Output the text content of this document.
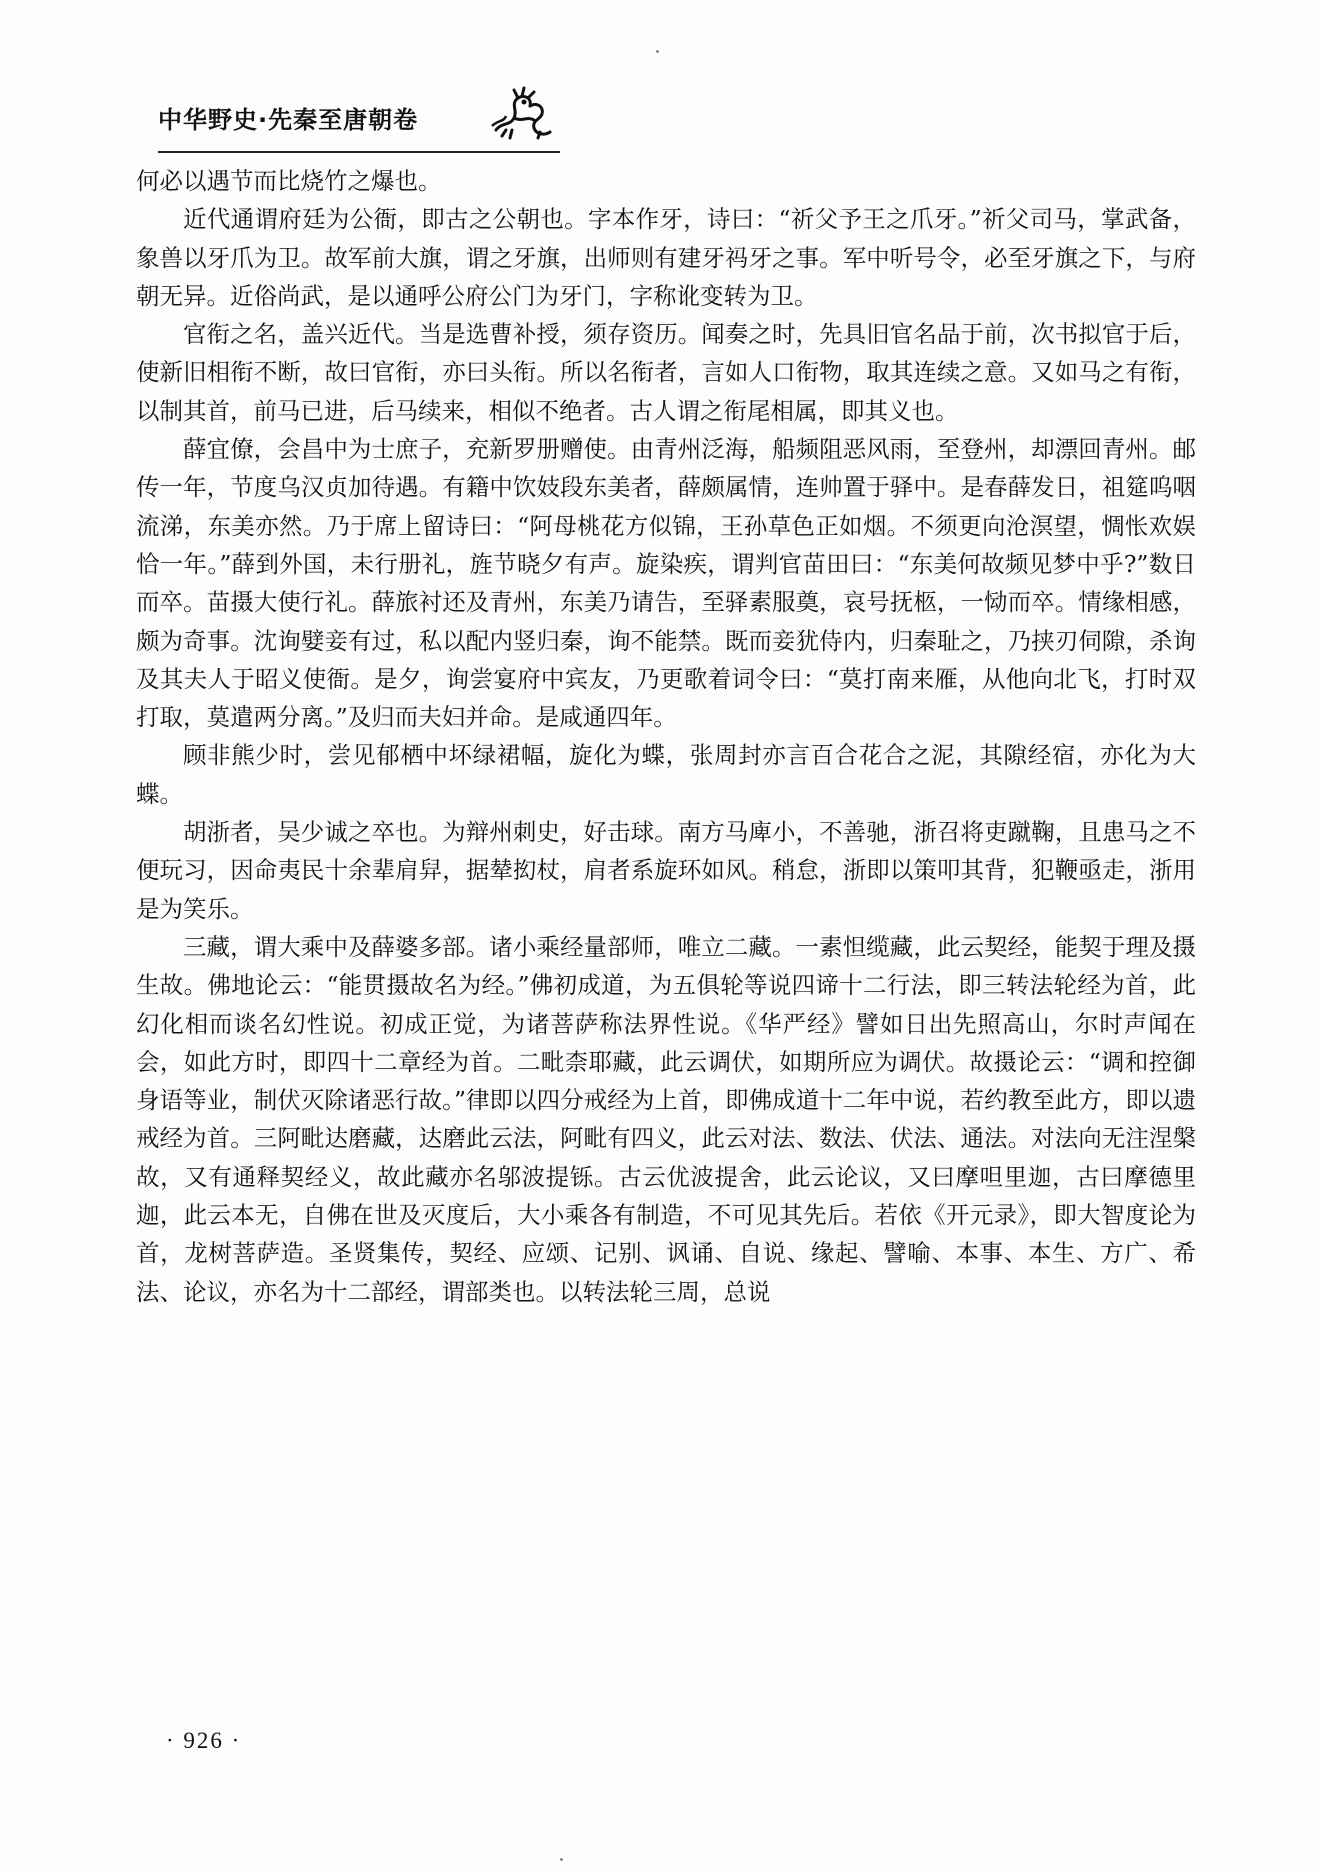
中华野史·先秦至唐朝卷

何必以遇节而比烧竹之爆也。

近代通谓府廷为公衙，即古之公朝也。字本作牙，诗曰：“祈父予王之爪牙。”祈父司马，掌武备，象兽以牙爪为卫。故军前大旗，谓之牙旗，出师则有建牙祃牙之事。军中听号令，必至牙旗之下，与府朝无异。近俗尚武，是以通呼公府公门为牙门，字称讹变转为卫。

官衔之名，盖兴近代。当是选曹补授，须存资历。闻奏之时，先具旧官名品于前，次书拟官于后，使新旧相衔不断，故曰官衔，亦曰头衔。所以名衔者，言如人口衔物，取其连续之意。又如马之有衔，以制其首，前马已进，后马续来，相似不绝者。古人谓之衔尾相属，即其义也。

薛宜僚，会昌中为士庶子，充新罗册赠使。由青州泛海，船频阻恶风雨，至登州，却漂回青州。邮传一年，节度乌汉贞加待遇。有籍中饮妓段东美者，薛颇属情，连帅置于驿中。是春薛发日，祖筵呜咽流涕，东美亦然。乃于席上留诗曰：“阿母桃花方似锦，王孙草色正如烟。不须更向沧溟望，惆怅欢娱恰一年。”薛到外国，未行册礼，旌节晓夕有声。旋染疾，谓判官苗田曰：“东美何故频见梦中乎?”数日而卒。苗摄大使行礼。薛旅衬还及青州，东美乃请告，至驿素服奠，哀号抚柩，一恸而卒。情缘相感，颇为奇事。沈询嬖妾有过，私以配内竖归秦，询不能禁。既而妾犹侍内，归秦耻之，乃挟刃伺隙，杀询及其夫人于昭义使衙。是夕，询尝宴府中宾友，乃更歌着词令曰：“莫打南来雁，从他向北飞，打时双打取，莫遣两分离。”及归而夫妇并命。是咸通四年。

顾非熊少时，尝见郁栖中坏绿裙幅，旋化为蝶，张周封亦言百合花合之泥，其隙经宿，亦化为大蝶。

胡浙者，吴少诚之卒也。为辩州刺史，好击球。南方马庳小，不善驰，浙召将吏蹴鞠，且患马之不便玩习，因命夷民十余辈肩舁，据辇抝杖，肩者系旋环如风。稍怠，浙即以策叩其背，犯鞭亟走，浙用是为笑乐。

三藏，谓大乘中及薛婆多部。诸小乘经量部师，唯立二藏。一素怛缆藏，此云契经，能契于理及摄生故。佛地论云：“能贯摄故名为经。”佛初成道，为五俱轮等说四谛十二行法，即三转法轮经为首，此幻化相而谈名幻性说。初成正觉，为诸菩萨称法界性说。《华严经》譬如日出先照高山，尔时声闻在会，如此方时，即四十二章经为首。二毗柰耶藏，此云调伏，如期所应为调伏。故摄论云：“调和控御身语等业，制伏灭除诸恶行故。”律即以四分戒经为上首，即佛成道十二年中说，若约教至此方，即以遗戒经为首。三阿毗达磨藏，达磨此云法，阿毗有四义，此云对法、数法、伏法、通法。对法向无注涅槃故，又有通释契经义，故此藏亦名邬波提铄。古云优波提舍，此云论议，又曰摩呾里迦，古曰摩德里迦，此云本无，自佛在世及灭度后，大小乘各有制造，不可见其先后。若依《开元录》，即大智度论为首，龙树菩萨造。圣贤集传，契经、应颂、记别、讽诵、自说、缘起、譬喻、本事、本生、方广、希法、论议，亦名为十二部经，谓部类也。以转法轮三周，总说

· 926 ·
